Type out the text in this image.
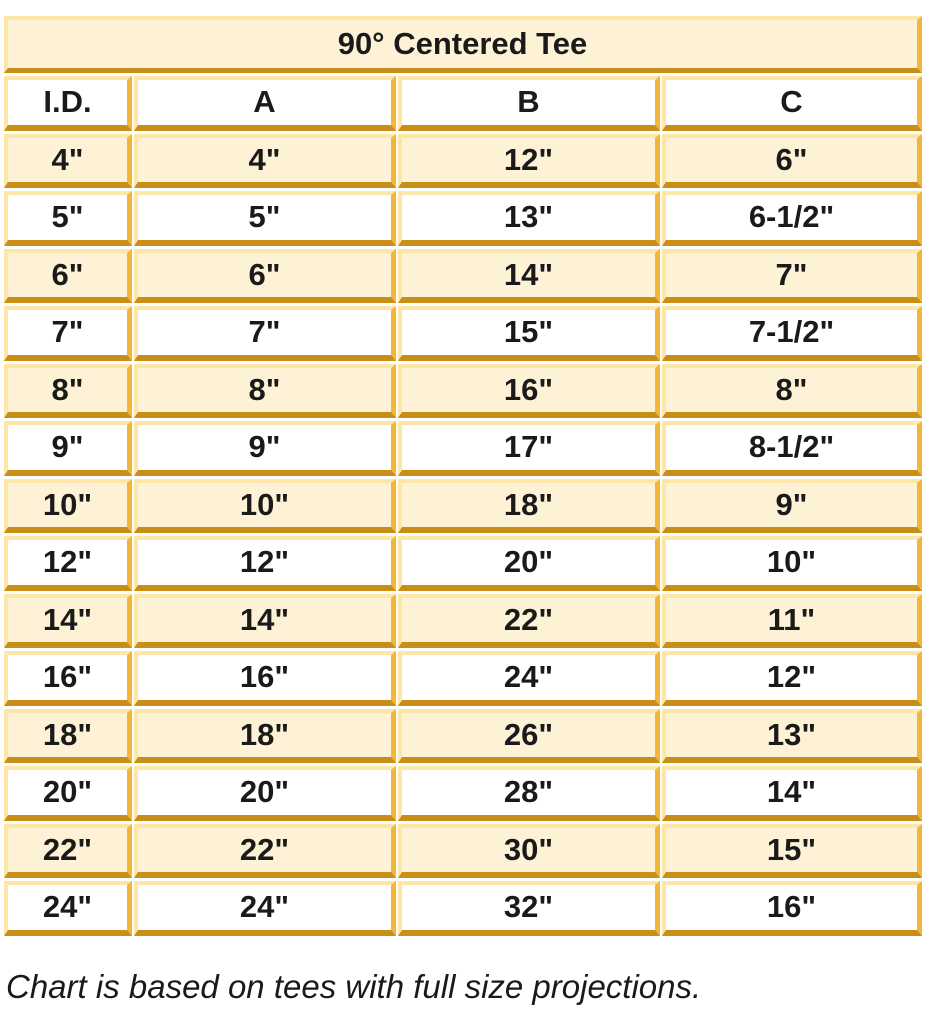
90° Centered Tee
I.D.	A	B	C
4"	4"	12"	6"
5"	5"	13"	6-1/2"
6"	6"	14"	7"
7"	7"	15"	7-1/2"
8"	8"	16"	8"
9"	9"	17"	8-1/2"
10"	10"	18"	9"
12"	12"	20"	10"
14"	14"	22"	11"
16"	16"	24"	12"
18"	18"	26"	13"
20"	20"	28"	14"
22"	22"	30"	15"
24"	24"	32"	16"
Chart is based on tees with full size projections.
